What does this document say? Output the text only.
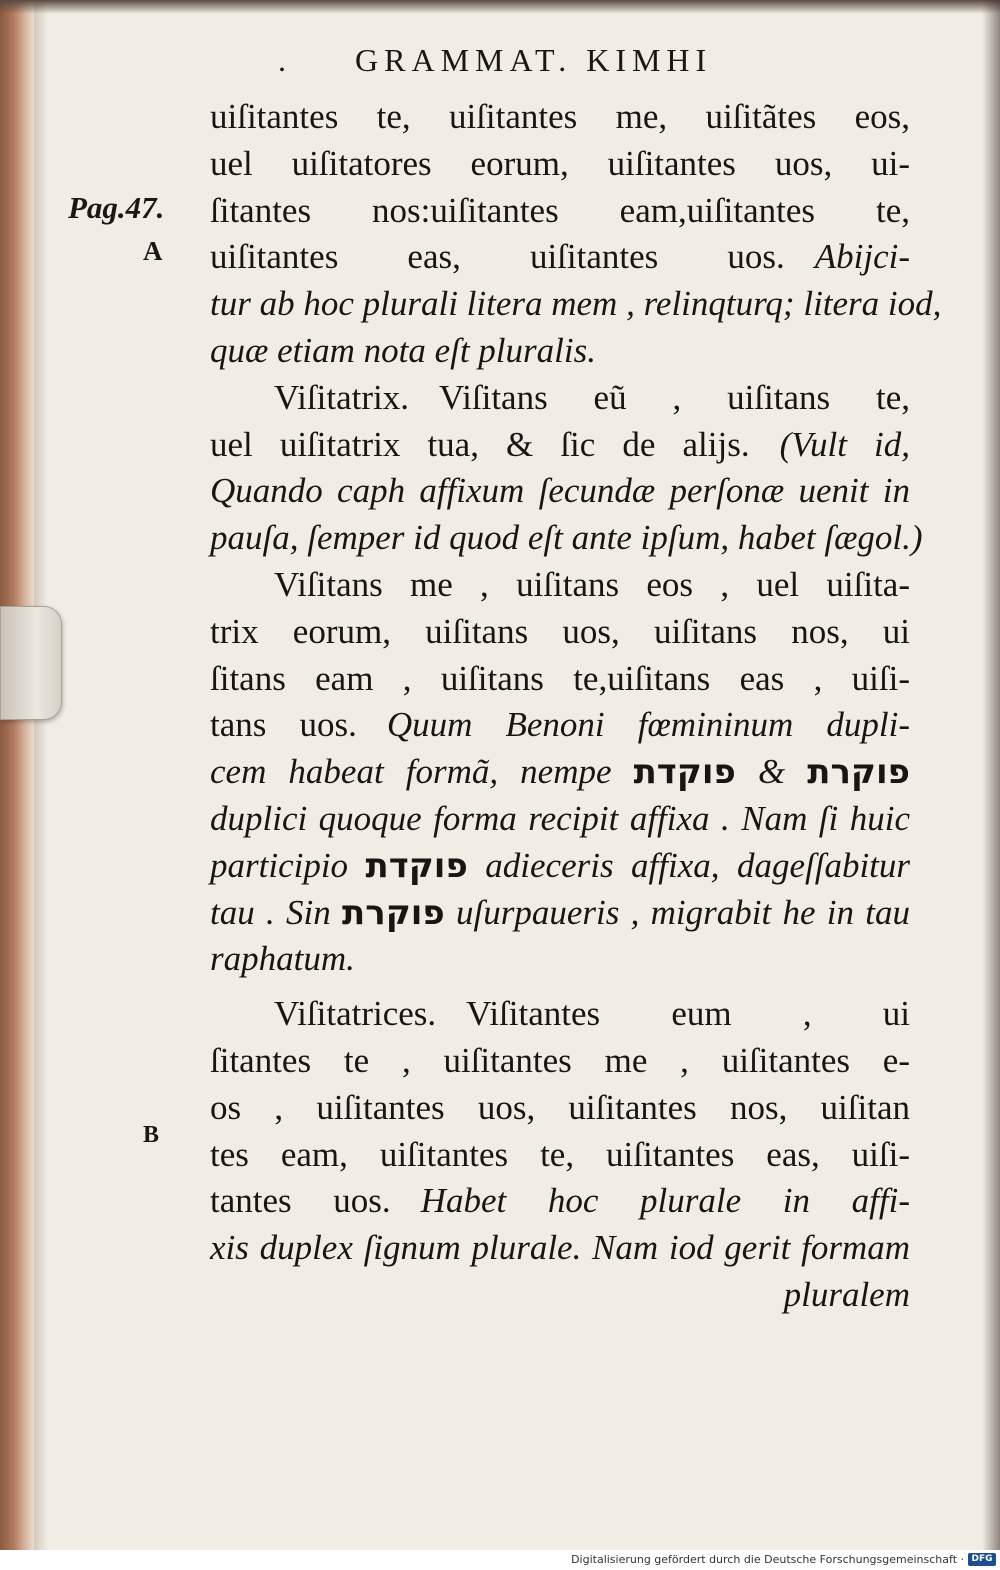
. GRAMMAT. KIMHI
Pag.47.
A
B
uiſitantes te, uiſitantes me, uiſitãtes eos,
uel uiſitatores eorum, uiſitantes uos, ui-
ſitantes nos:uiſitantes eam,uiſitantes te,
uiſitantes eas, uiſitantes uos. Abijci-
tur ab hoc plurali litera mem , relinqturq; litera iod,
quæ etiam nota eſt pluralis.
Viſitatrix. Viſitans eũ , uiſitans te,
uel uiſitatrix tua, & ſic de alijs. (Vult id,
Quando caph affixum ſecundæ perſonæ uenit in
pauſa, ſemper id quod eſt ante ipſum, habet ſægol.)
Viſitans me , uiſitans eos , uel uiſita-
trix eorum, uiſitans uos, uiſitans nos, ui
ſitans eam , uiſitans te,uiſitans eas , uiſi-
tans uos. Quum Benoni fœmininum dupli-
cem habeat formã, nempe	פוקרת & פוקדת
duplici quoque forma recipit affixa . Nam ſi huic
participio פוקדת adieceris affixa, dageſſabitur
tau . Sin פוקרת uſurpaueris , migrabit he in tau
raphatum.
Viſitatrices. Viſitantes eum , ui
ſitantes te , uiſitantes me , uiſitantes e-
os , uiſitantes uos, uiſitantes nos, uiſitan
tes eam, uiſitantes te, uiſitantes eas, uiſi-
tantes uos. Habet hoc plurale in affi-
xis duplex ſignum plurale. Nam iod gerit formam
pluralem
Digitalisierung gefördert durch die Deutsche Forschungsgemeinschaft · DFG
